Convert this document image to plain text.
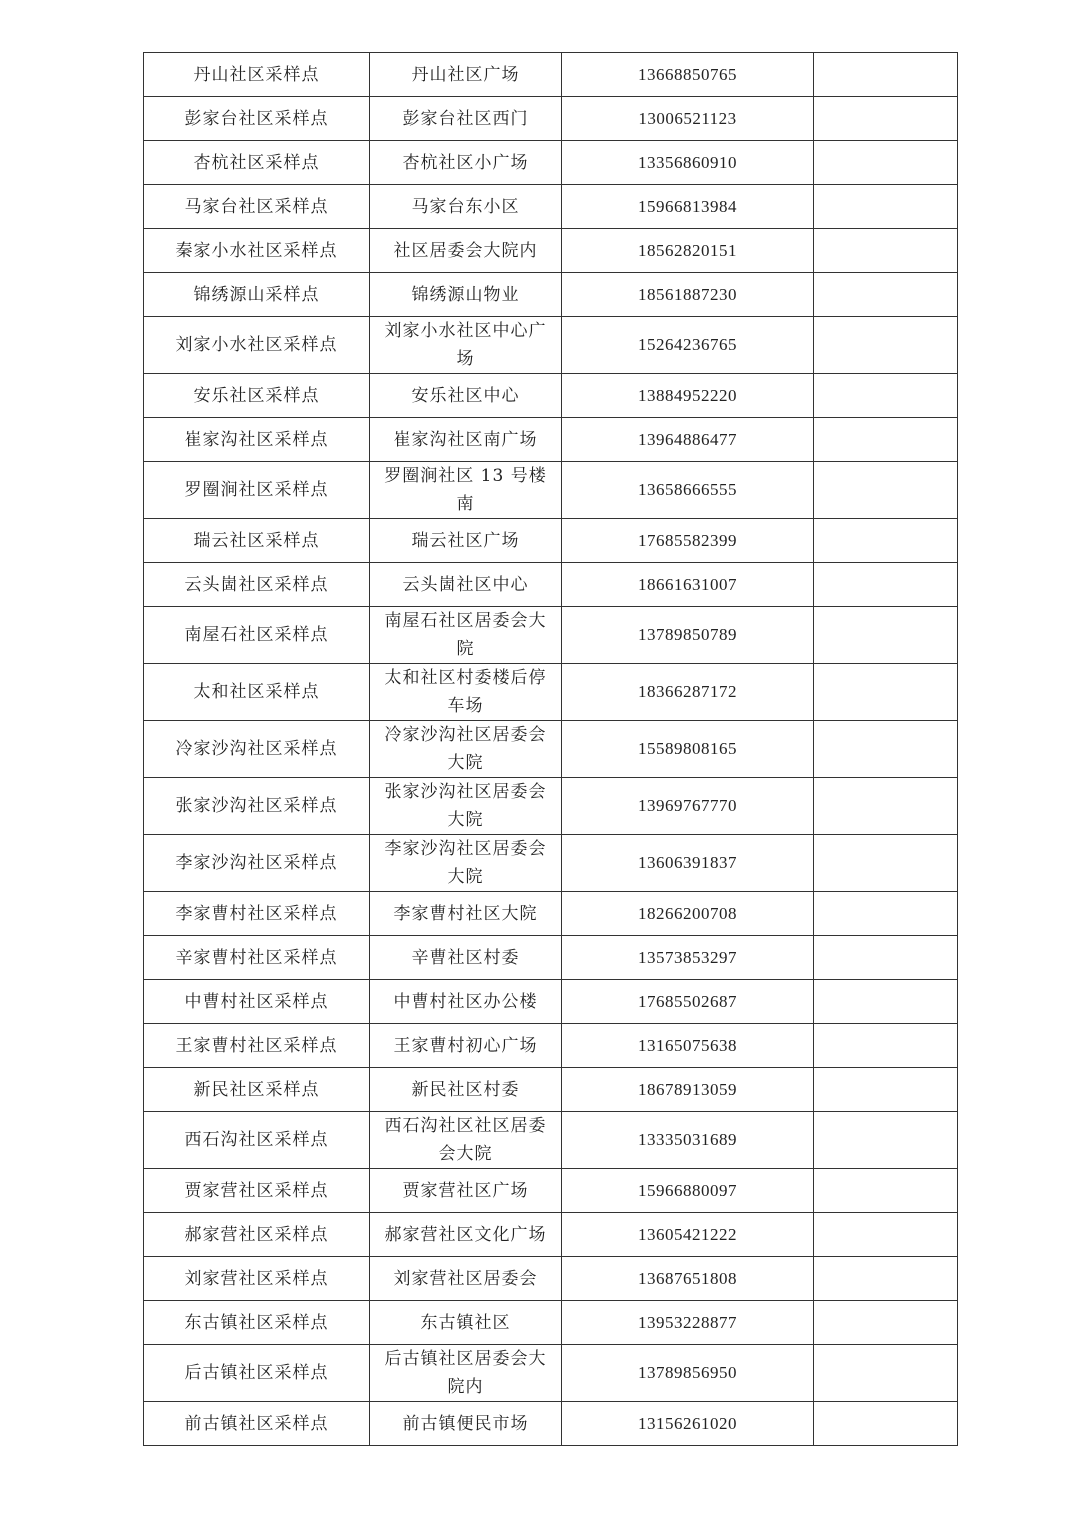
丹山社区采样点	丹山社区广场	13668850765	
彭家台社区采样点	彭家台社区西门	13006521123	
杏杭社区采样点	杏杭社区小广场	13356860910	
马家台社区采样点	马家台东小区	15966813984	
秦家小水社区采样点	社区居委会大院内	18562820151	
锦绣源山采样点	锦绣源山物业	18561887230	
刘家小水社区采样点	刘家小水社区中心广场	15264236765	
安乐社区采样点	安乐社区中心	13884952220	
崔家沟社区采样点	崔家沟社区南广场	13964886477	
罗圈涧社区采样点	罗圈涧社区 13 号楼南	13658666555	
瑞云社区采样点	瑞云社区广场	17685582399	
云头崮社区采样点	云头崮社区中心	18661631007	
南屋石社区采样点	南屋石社区居委会大院	13789850789	
太和社区采样点	太和社区村委楼后停车场	18366287172	
冷家沙沟社区采样点	冷家沙沟社区居委会大院	15589808165	
张家沙沟社区采样点	张家沙沟社区居委会大院	13969767770	
李家沙沟社区采样点	李家沙沟社区居委会大院	13606391837	
李家曹村社区采样点	李家曹村社区大院	18266200708	
辛家曹村社区采样点	辛曹社区村委	13573853297	
中曹村社区采样点	中曹村社区办公楼	17685502687	
王家曹村社区采样点	王家曹村初心广场	13165075638	
新民社区采样点	新民社区村委	18678913059	
西石沟社区采样点	西石沟社区社区居委会大院	13335031689	
贾家营社区采样点	贾家营社区广场	15966880097	
郝家营社区采样点	郝家营社区文化广场	13605421222	
刘家营社区采样点	刘家营社区居委会	13687651808	
东古镇社区采样点	东古镇社区	13953228877	
后古镇社区采样点	后古镇社区居委会大院内	13789856950	
前古镇社区采样点	前古镇便民市场	13156261020	
